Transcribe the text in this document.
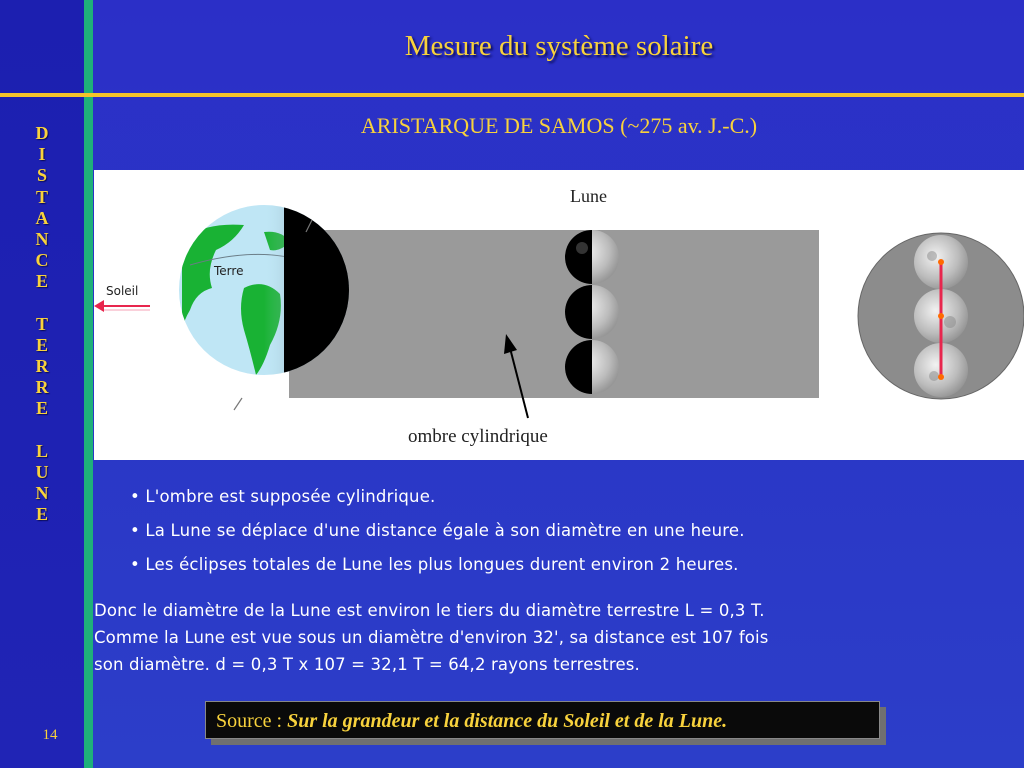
Mesure du système solaire
ARISTARQUE DE SAMOS (~275 av. J.-C.)
D
I
S
T
A
N
C
E
T
E
R
R
E
L
U
N
E
14
Terre
Soleil
Lune
ombre cylindrique
• L'ombre est supposée cylindrique.
• La Lune se déplace d'une distance égale à son diamètre en une heure.
• Les éclipses totales de Lune les plus longues durent environ 2 heures.
Donc le diamètre de la Lune est environ le tiers du diamètre terrestre L = 0,3 T.
Comme la Lune est vue sous un diamètre d'environ 32', sa distance est 107 fois
son diamètre. d = 0,3 T x 107 = 32,1 T = 64,2 rayons terrestres.
Source : Sur la grandeur et la distance du Soleil et de la Lune.
